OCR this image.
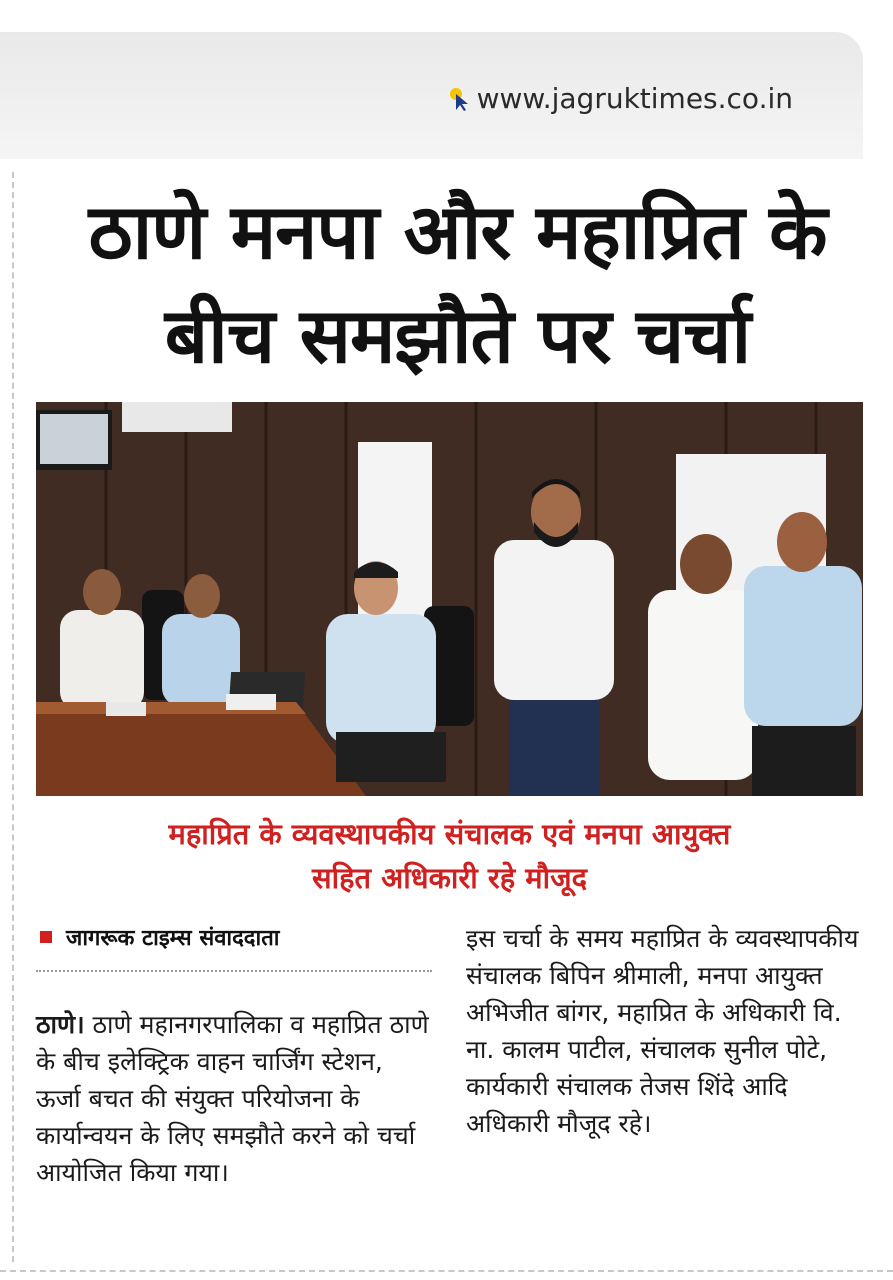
www.jagruktimes.co.in
ठाणे मनपा और महाप्रित के
बीच समझौते पर चर्चा
महाप्रित के व्यवस्थापकीय संचालक एवं मनपा आयुक्त
सहित अधिकारी रहे मौजूद
जागरूक टाइम्स संवाददाता
ठाणे। ठाणे महानगरपालिका व महाप्रित ठाणे के बीच इलेक्ट्रिक वाहन चार्जिंग स्टेशन, ऊर्जा बचत की संयुक्त परियोजना के कार्यान्वयन के लिए समझौते करने को चर्चा आयोजित किया गया।
इस चर्चा के समय महाप्रित के व्यवस्थापकीय संचालक बिपिन श्रीमाली, मनपा आयुक्त अभिजीत बांगर, महाप्रित के अधिकारी वि. ना. कालम पाटील, संचालक सुनील पोटे, कार्यकारी संचालक तेजस शिंदे आदि अधिकारी मौजूद रहे।
